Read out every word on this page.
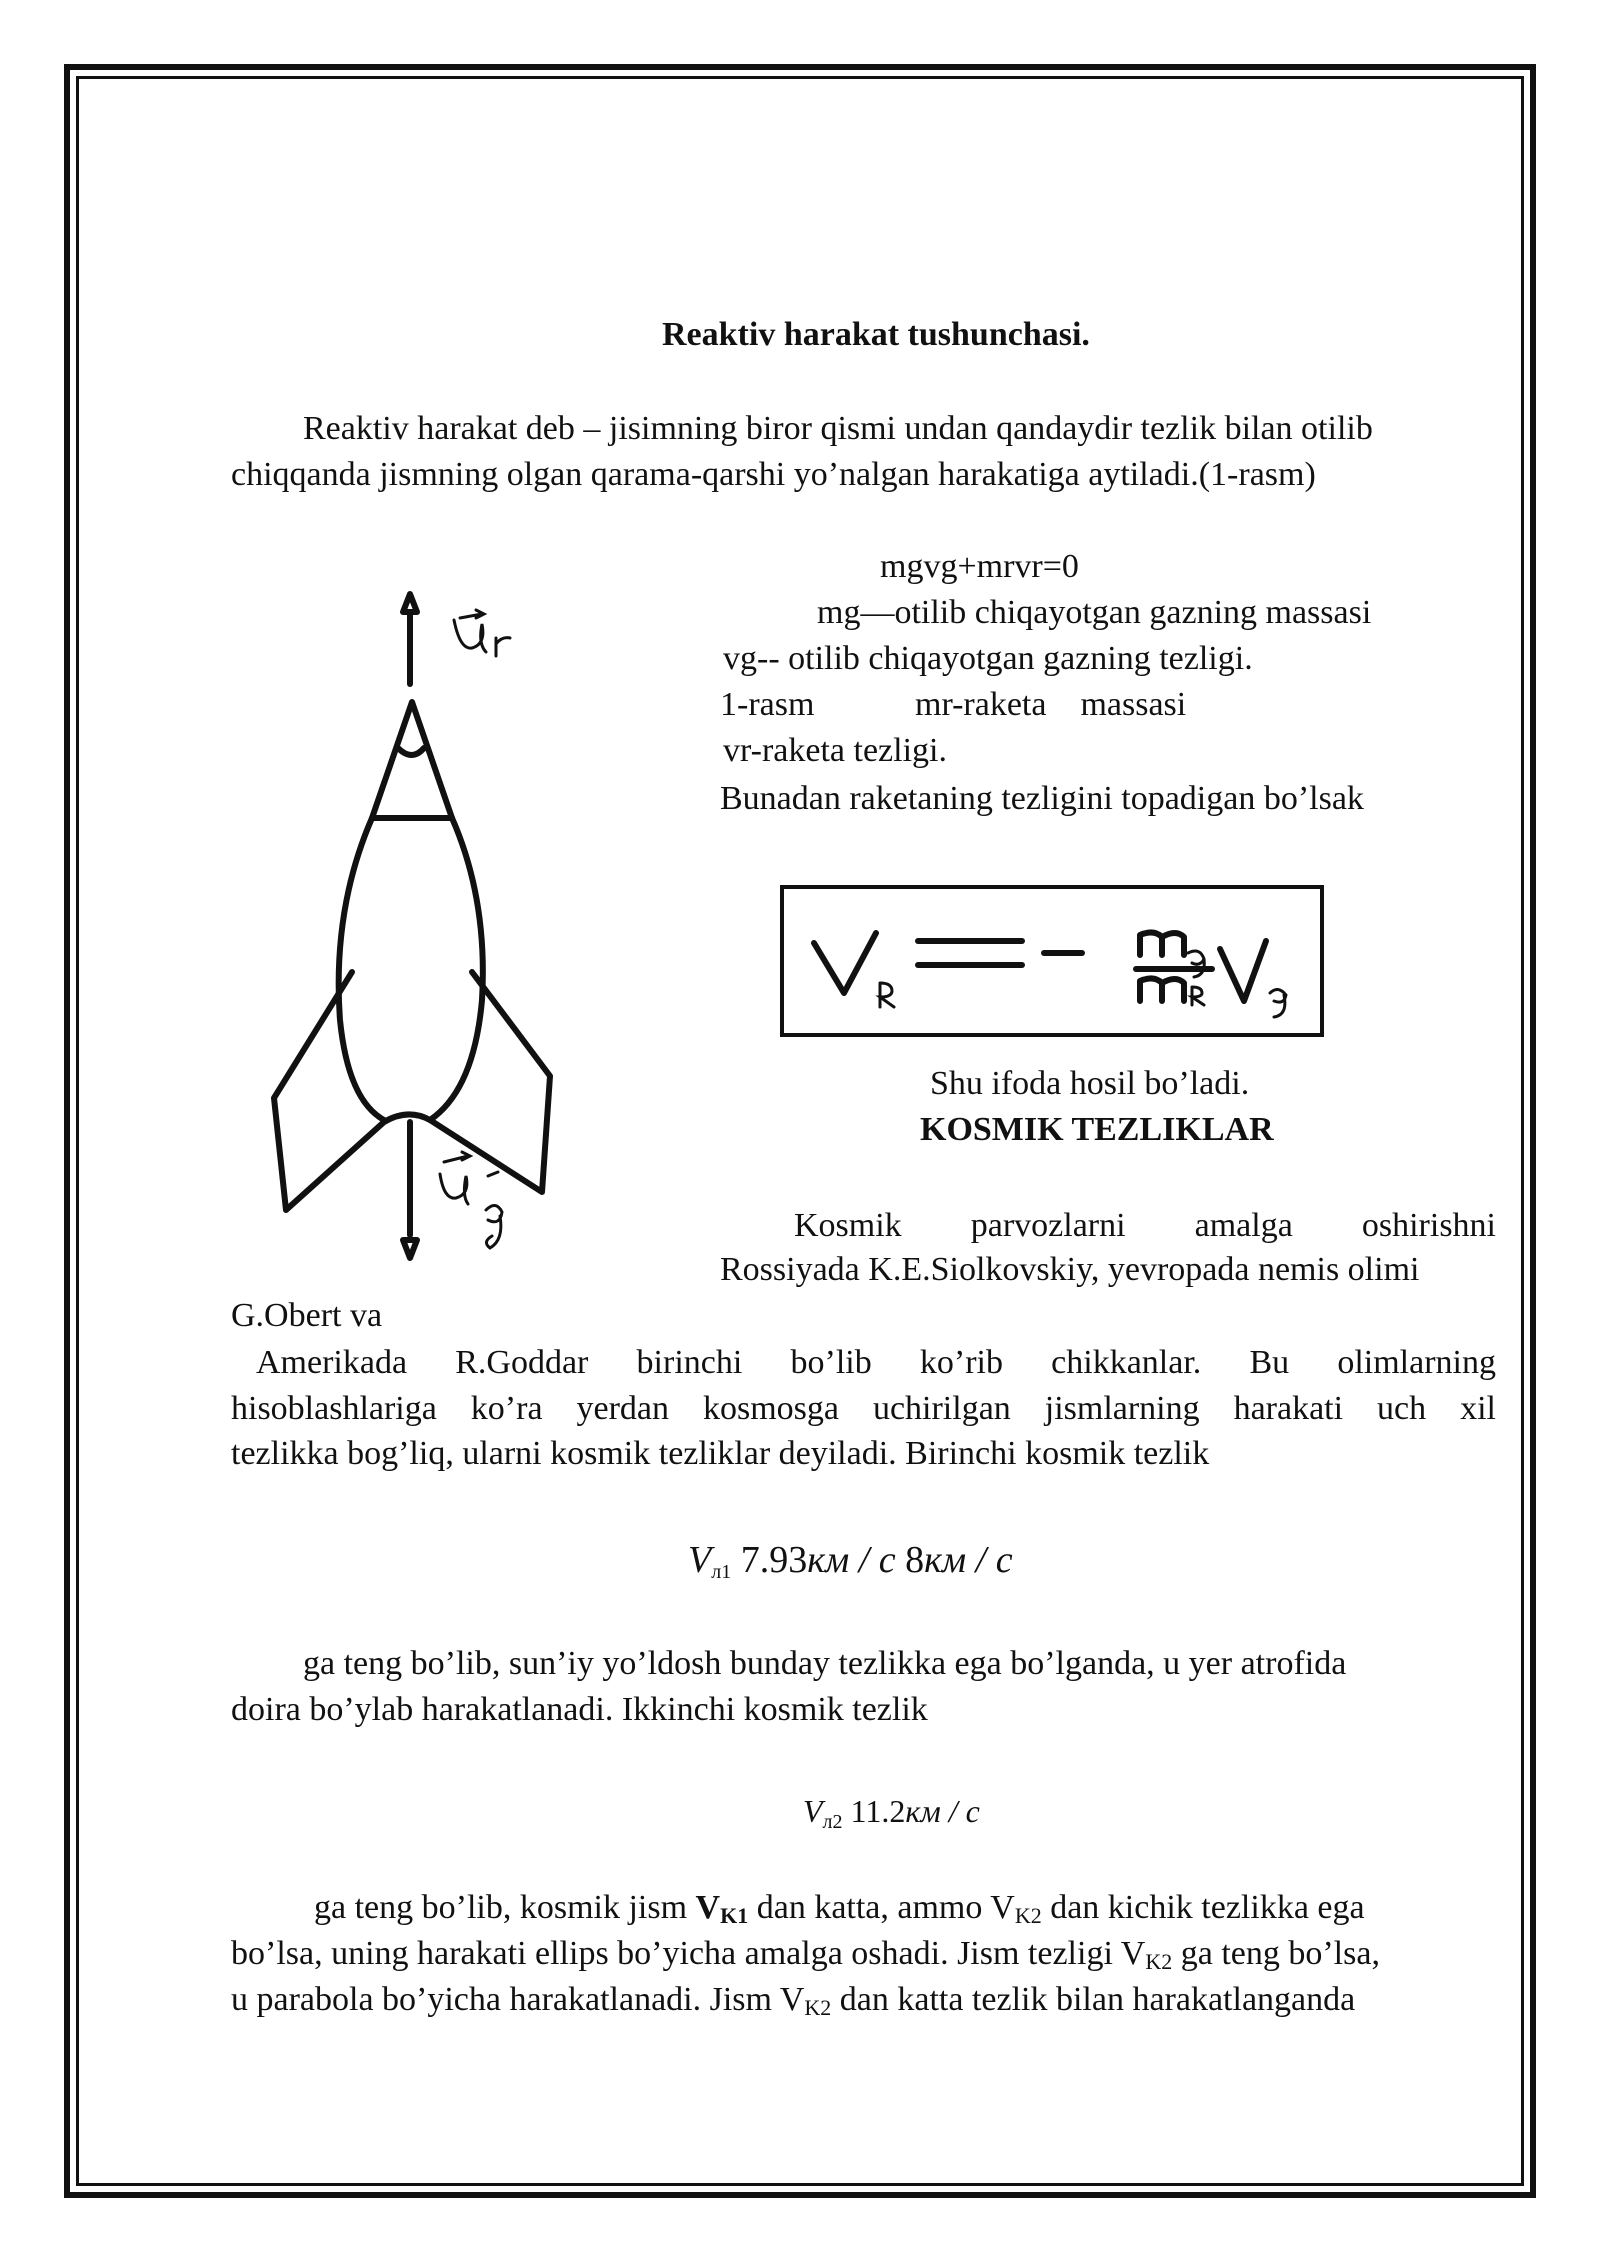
Reaktiv harakat tushunchasi.
Reaktiv harakat deb – jisimning biror qismi undan qandaydir tezlik bilan otilib
chiqqanda jismning olgan qarama-qarshi yo’nalgan harakatiga aytiladi.(1-rasm)
mgvg+mrvr=0
mg—otilib chiqayotgan gazning massasi
vg-- otilib chiqayotgan gazning tezligi.
1-rasm	mr-raketa    massasi
vr-raketa tezligi.
Bunadan raketaning tezligini topadigan bo’lsak
Shu ifoda hosil bo’ladi.
KOSMIK TEZLIKLAR
Kosmik parvozlarni amalga oshirishni
Rossiyada K.E.Siolkovskiy, yevropada nemis olimi
G.Obert va
Amerikada R.Goddar birinchi bo’lib ko’rib chikkanlar. Bu olimlarning
hisoblashlariga ko’ra yerdan kosmosga uchirilgan jismlarning harakati uch xil
tezlikka bog’liq, ularni kosmik tezliklar deyiladi. Birinchi kosmik tezlik
$V_{л1}$ 7.93км / с 8км / с
ga teng bo’lib, sun’iy yo’ldosh bunday tezlikka ega bo’lganda, u yer atrofida
doira bo’ylab harakatlanadi. Ikkinchi kosmik tezlik
$V_{л2}$ 11.2км / с
ga teng bo’lib, kosmik jism VK1 dan katta, ammo VK2 dan kichik tezlikka ega
bo’lsa, uning harakati ellips bo’yicha amalga oshadi. Jism tezligi VK2 ga teng bo’lsa,
u parabola bo’yicha harakatlanadi. Jism VK2 dan katta tezlik bilan harakatlanganda
